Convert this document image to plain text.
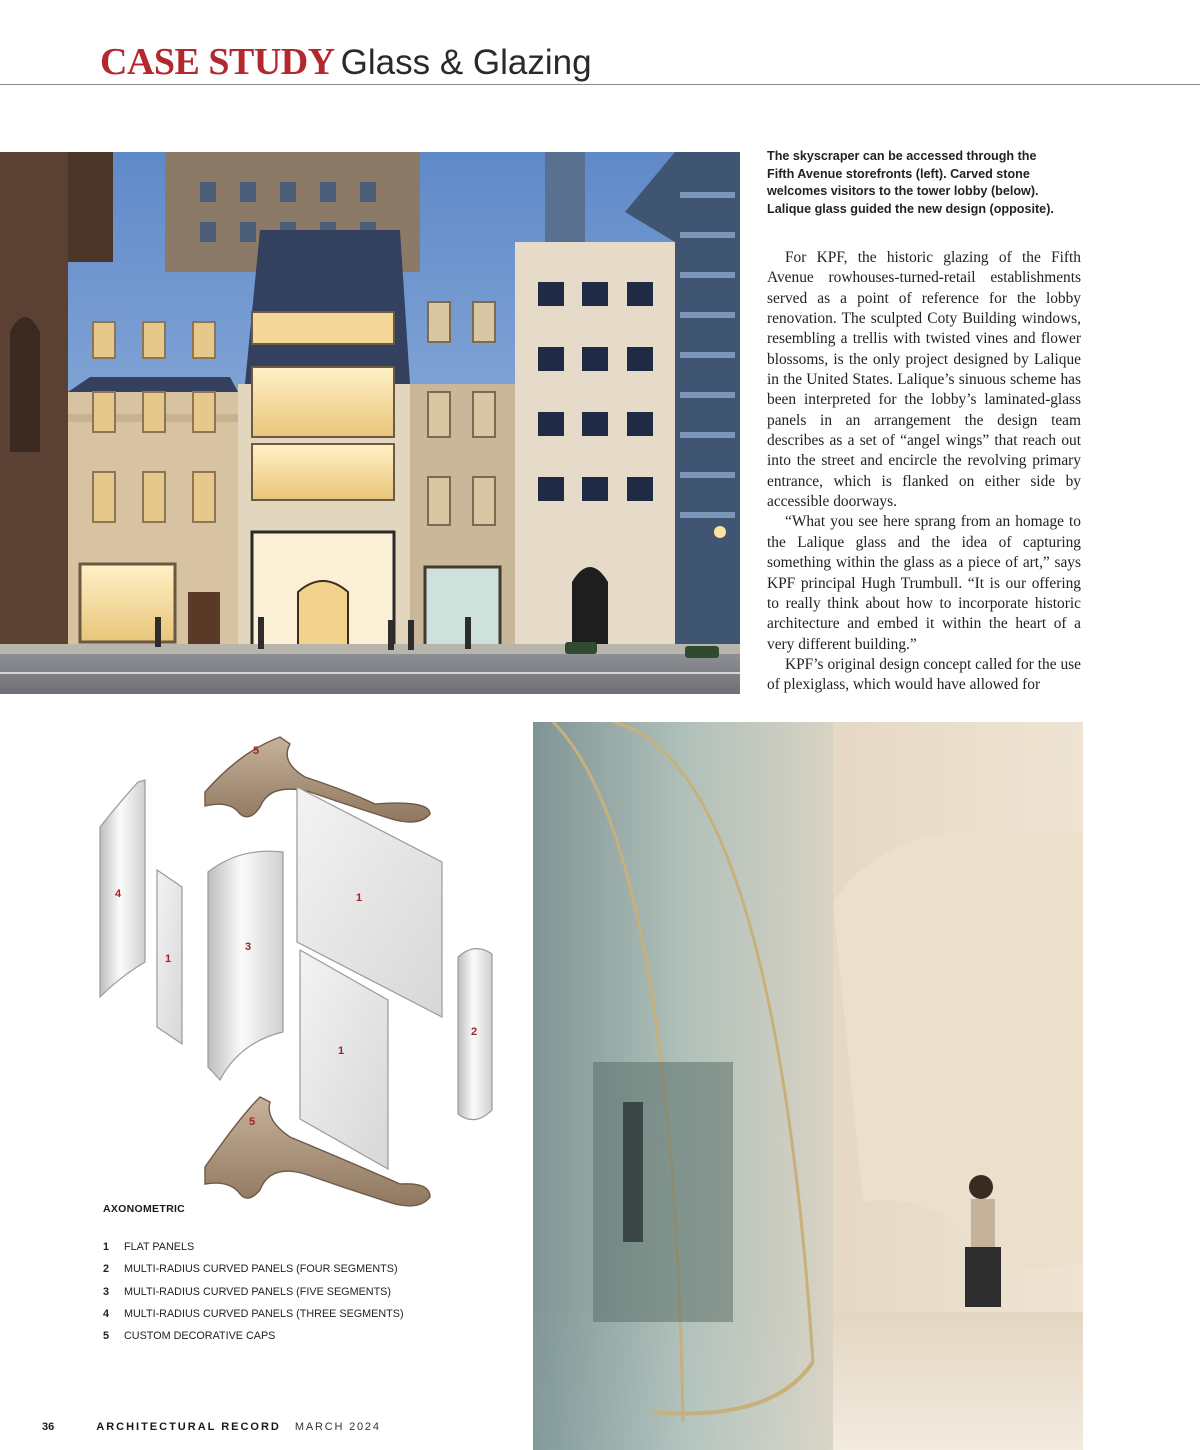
CASE STUDY Glass & Glazing
The skyscraper can be accessed through the Fifth Avenue storefronts (left). Carved stone welcomes visitors to the tower lobby (below). Lalique glass guided the new design (opposite).

For KPF, the historic glazing of the Fifth Avenue rowhouses-turned-retail establishments served as a point of reference for the lobby renovation. The sculpted Coty Building windows, resembling a trellis with twisted vines and flower blossoms, is the only project designed by Lalique in the United States. Lalique’s sinuous scheme has been interpreted for the lobby’s laminated-glass panels in an arrangement the design team describes as a set of “angel wings” that reach out into the street and encircle the revolving primary entrance, which is flanked on either side by accessible doorways.

“What you see here sprang from an homage to the Lalique glass and the idea of capturing something within the glass as a piece of art,” says KPF principal Hugh Trumbull. “It is our offering to really think about how to incorporate historic architecture and embed it within the heart of a very different building.”

KPF’s original design concept called for the use of plexiglass, which would have allowed for

5
4
1
3
1
1
2
5
AXONOMETRIC
1 FLAT PANELS
2 MULTI-RADIUS CURVED PANELS (FOUR SEGMENTS)
3 MULTI-RADIUS CURVED PANELS (FIVE SEGMENTS)
4 MULTI-RADIUS CURVED PANELS (THREE SEGMENTS)
5 CUSTOM DECORATIVE CAPS
36	ARCHITECTURAL RECORD MARCH 2024
